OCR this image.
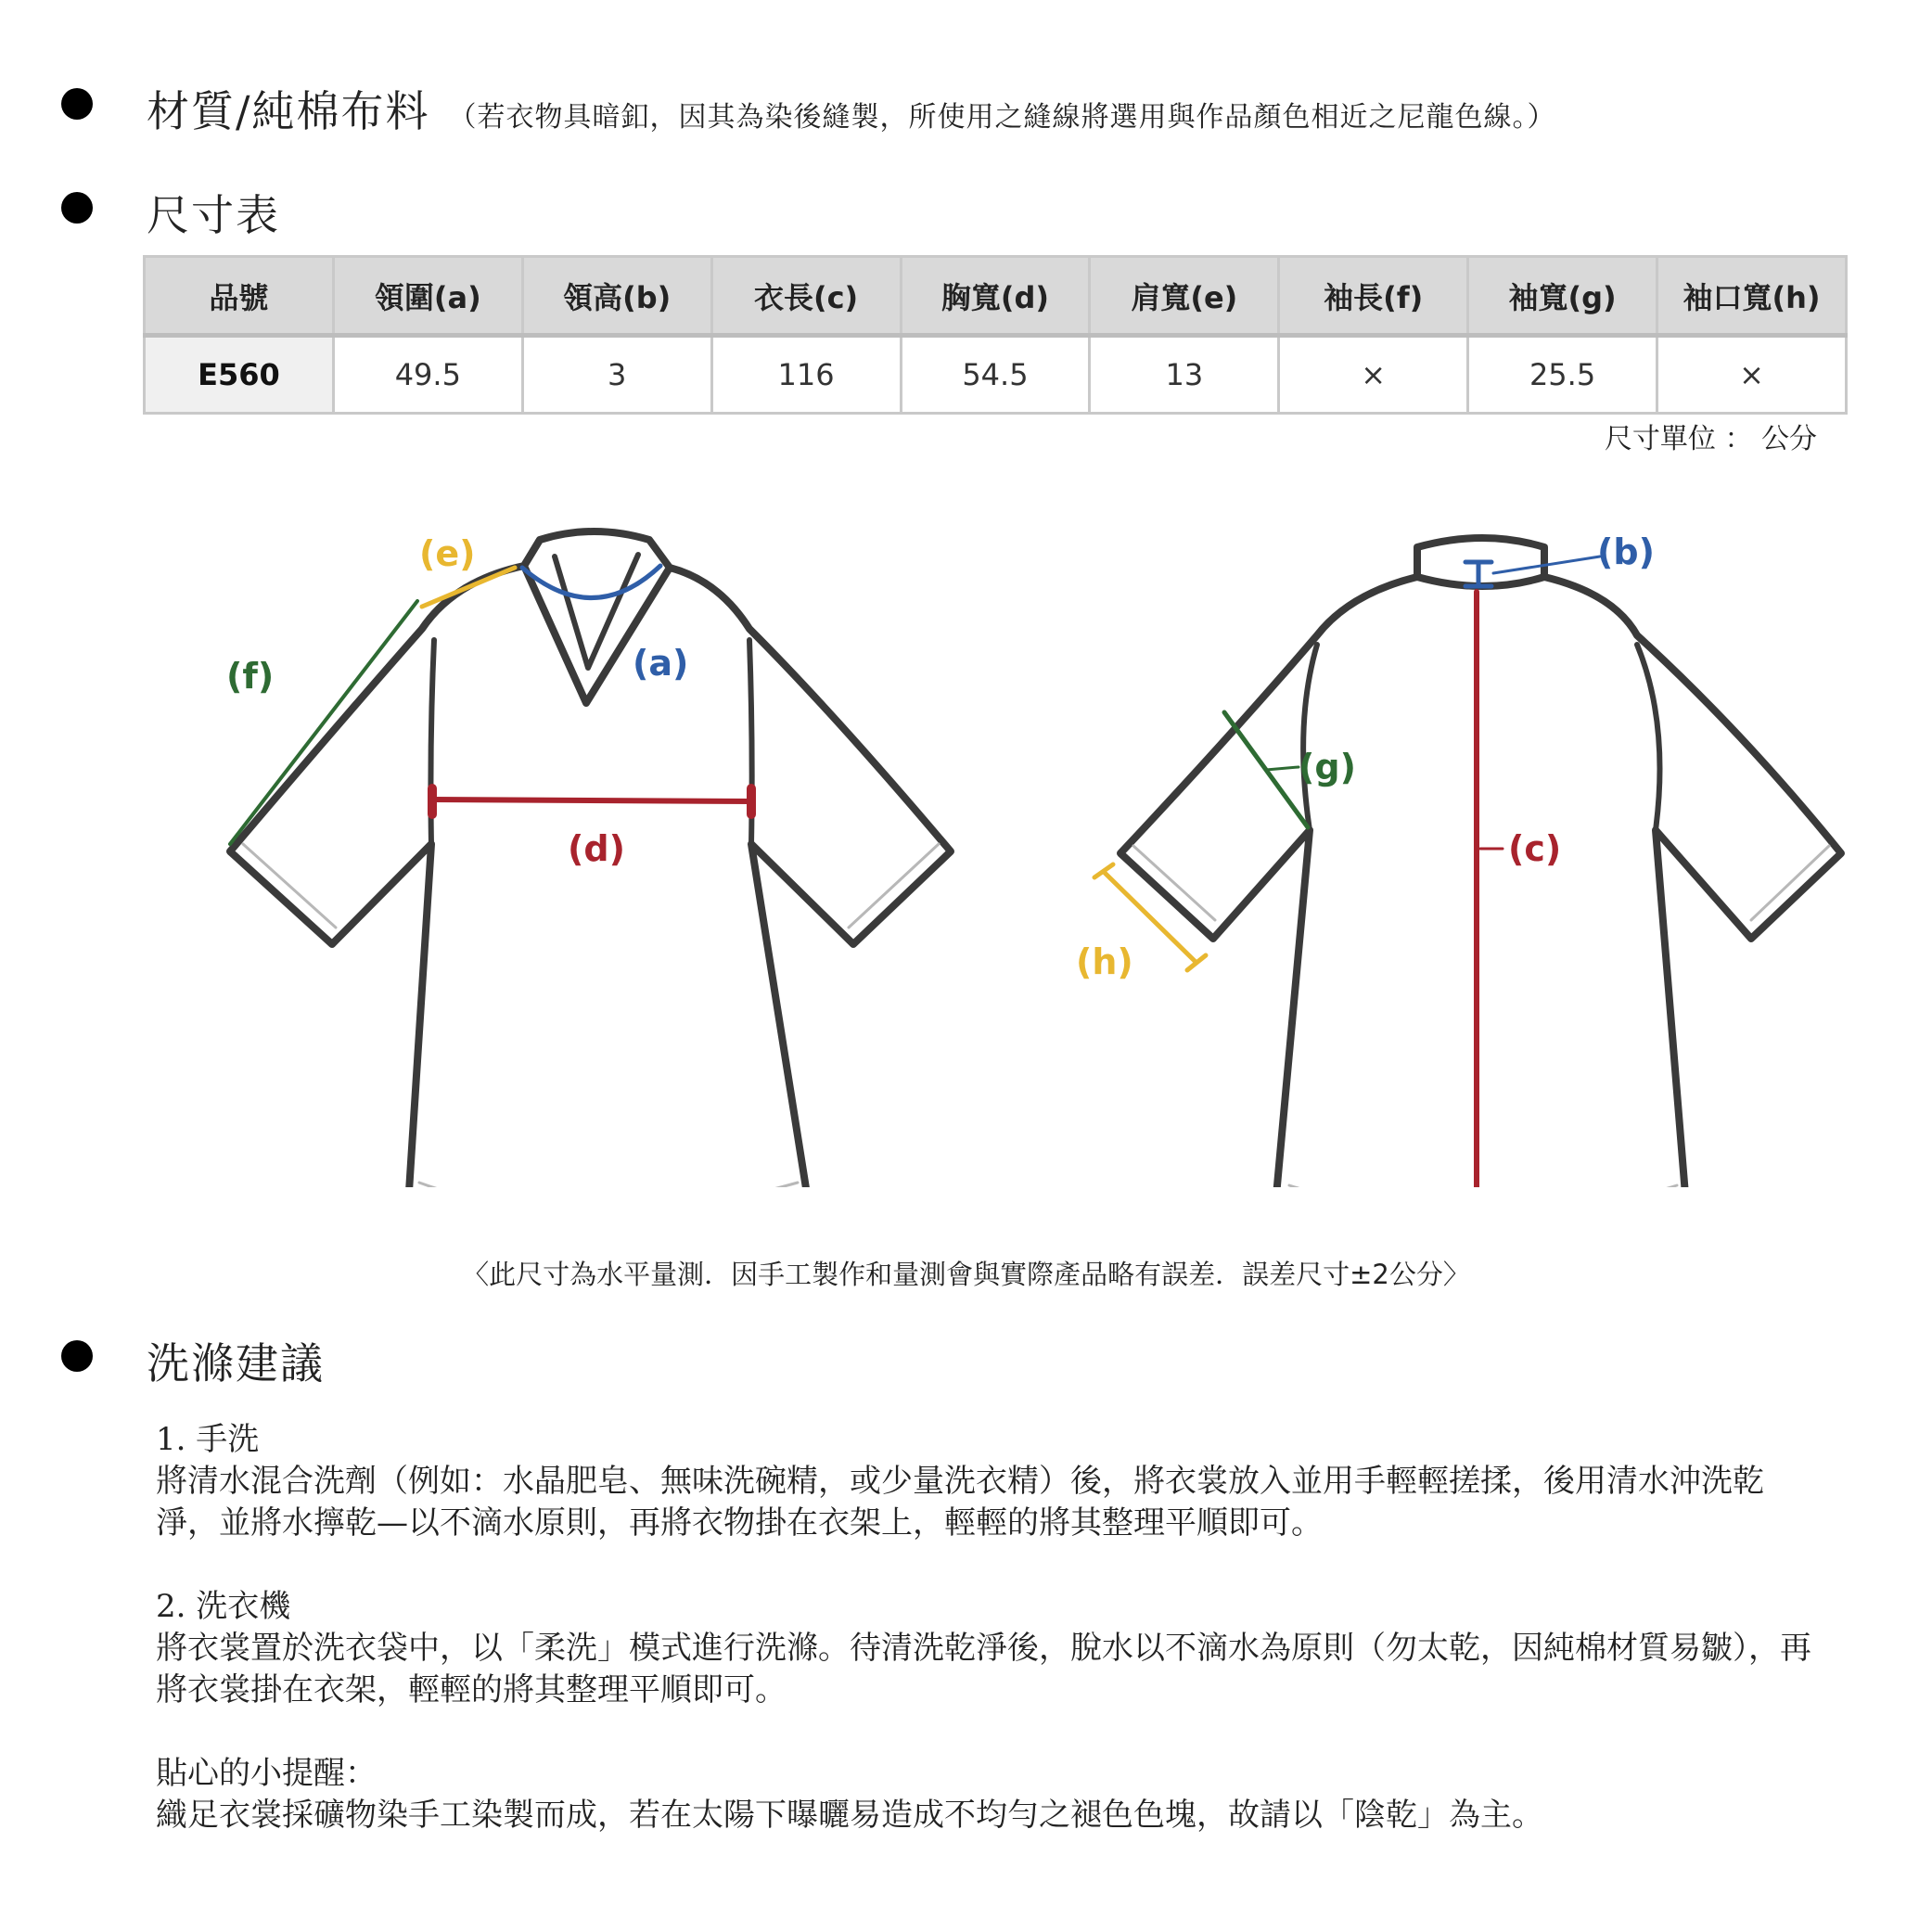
材質/純棉布料 （若衣物具暗釦，因其為染後縫製，所使用之縫線將選用與作品顏色相近之尼龍色線。）
尺寸表
品號	領圍(a)	領高(b)	衣長(c)	胸寬(d)	肩寬(e)	袖長(f)	袖寬(g)	袖口寬(h)
E560	49.5	3	116	54.5	13	×	25.5	×
尺寸單位 ： 公分
(a)
(b)
(c)
(d)
(e)
(f)
(g)
(h)
〈此尺寸為水平量測．因手工製作和量測會與實際產品略有誤差．誤差尺寸±2公分〉
洗滌建議

1. 手洗

將清水混合洗劑（例如：水晶肥皂、無味洗碗精，或少量洗衣精）後，將衣裳放入並用手輕輕搓揉，後用清水沖洗乾淨，並將水擰乾—以不滴水原則，再將衣物掛在衣架上，輕輕的將其整理平順即可。

2. 洗衣機

將衣裳置於洗衣袋中，以「柔洗」模式進行洗滌。待清洗乾淨後，脫水以不滴水為原則（勿太乾，因純棉材質易皺），再將衣裳掛在衣架，輕輕的將其整理平順即可。

貼心的小提醒：

織足衣裳採礦物染手工染製而成，若在太陽下曝曬易造成不均勻之褪色色塊，故請以「陰乾」為主。
